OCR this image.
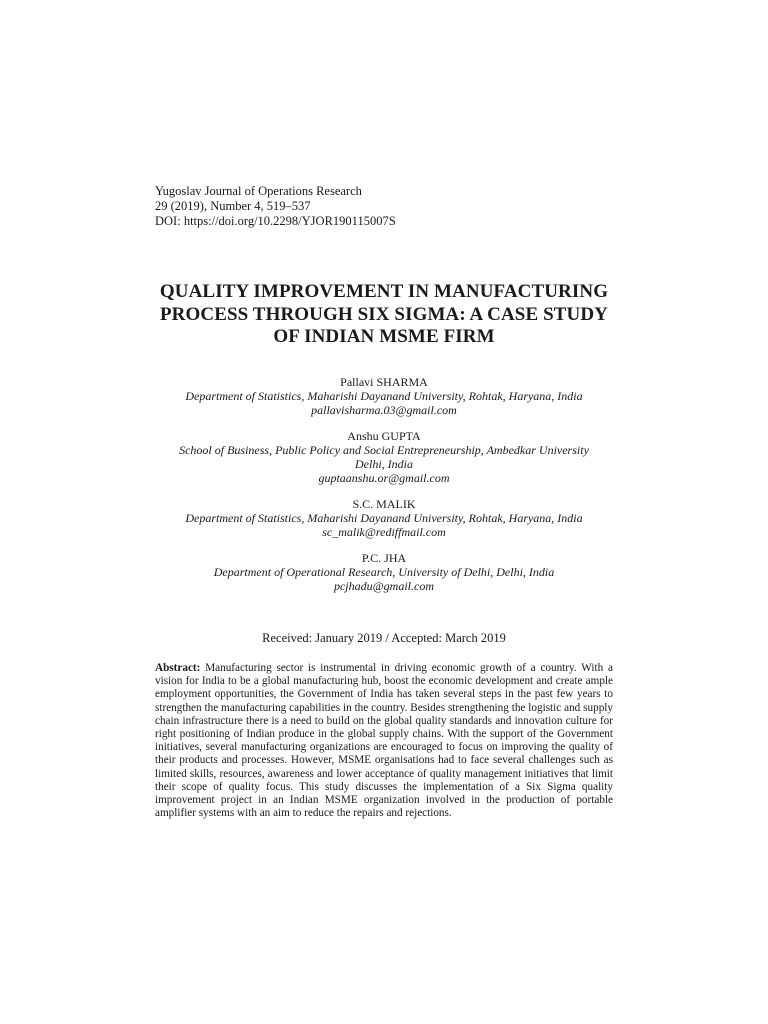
Yugoslav Journal of Operations Research
29 (2019), Number 4, 519–537
DOI: https://doi.org/10.2298/YJOR190115007S
QUALITY IMPROVEMENT IN MANUFACTURING
PROCESS THROUGH SIX SIGMA: A CASE STUDY
OF INDIAN MSME FIRM
Pallavi SHARMA
Department of Statistics, Maharishi Dayanand University, Rohtak, Haryana, India
pallavisharma.03@gmail.com
Anshu GUPTA
School of Business, Public Policy and Social Entrepreneurship, Ambedkar University
Delhi, India
guptaanshu.or@gmail.com
S.C. MALIK
Department of Statistics, Maharishi Dayanand University, Rohtak, Haryana, India
sc_malik@rediffmail.com
P.C. JHA
Department of Operational Research, University of Delhi, Delhi, India
pcjhadu@gmail.com
Received: January 2019 / Accepted: March 2019
Abstract: Manufacturing sector is instrumental in driving economic growth of a country. With a vision for India to be a global manufacturing hub, boost the economic development and create ample employment opportunities, the Government of India has taken several steps in the past few years to strengthen the manufacturing capabilities in the country. Besides strengthening the logistic and supply chain infrastructure there is a need to build on the global quality standards and innovation culture for right positioning of Indian produce in the global supply chains. With the support of the Government initiatives, several manufacturing organizations are encouraged to focus on improving the quality of their products and processes. However, MSME organisations had to face several challenges such as limited skills, resources, awareness and lower acceptance of quality management initiatives that limit their scope of quality focus. This study discusses the implementation of a Six Sigma quality improvement project in an Indian MSME organization involved in the production of portable amplifier systems with an aim to reduce the repairs and rejections.
